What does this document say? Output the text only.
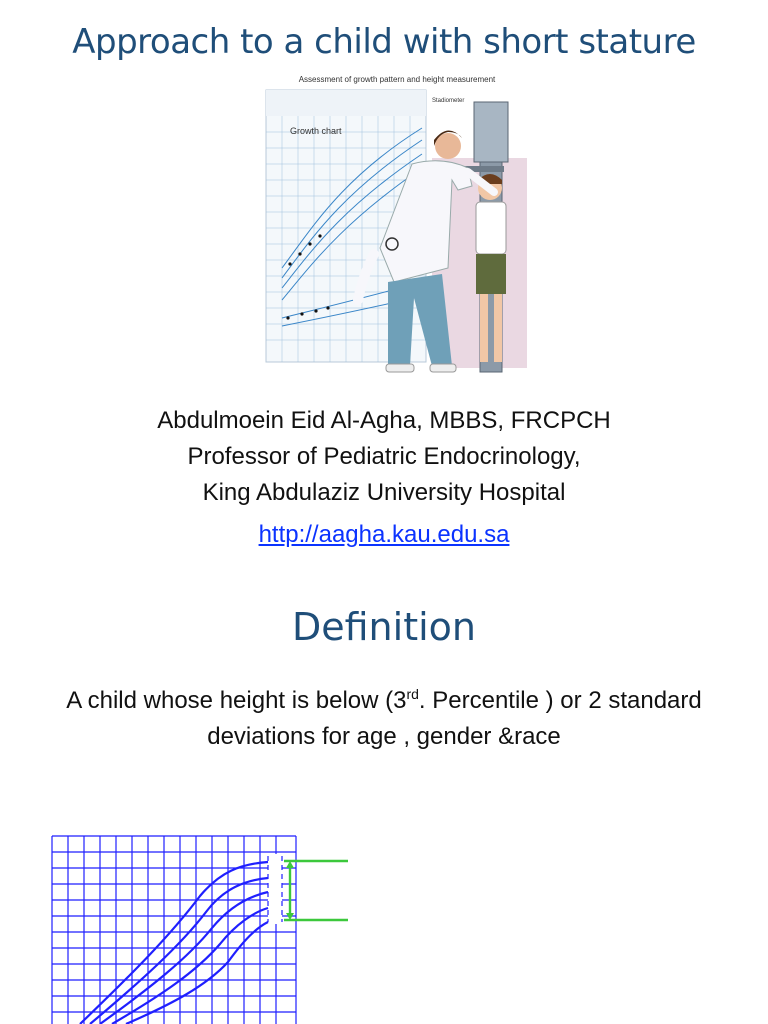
Approach to a child with short stature
Assessment of growth pattern and height measurement
Growth chart
Stadiometer
Abdulmoein Eid Al-Agha, MBBS, FRCPCH
Professor of Pediatric Endocrinology,
King Abdulaziz University Hospital
http://aagha.kau.edu.sa
Definition
A child whose height is below (3rd. Percentile ) or 2 standard deviations for age , gender &race
